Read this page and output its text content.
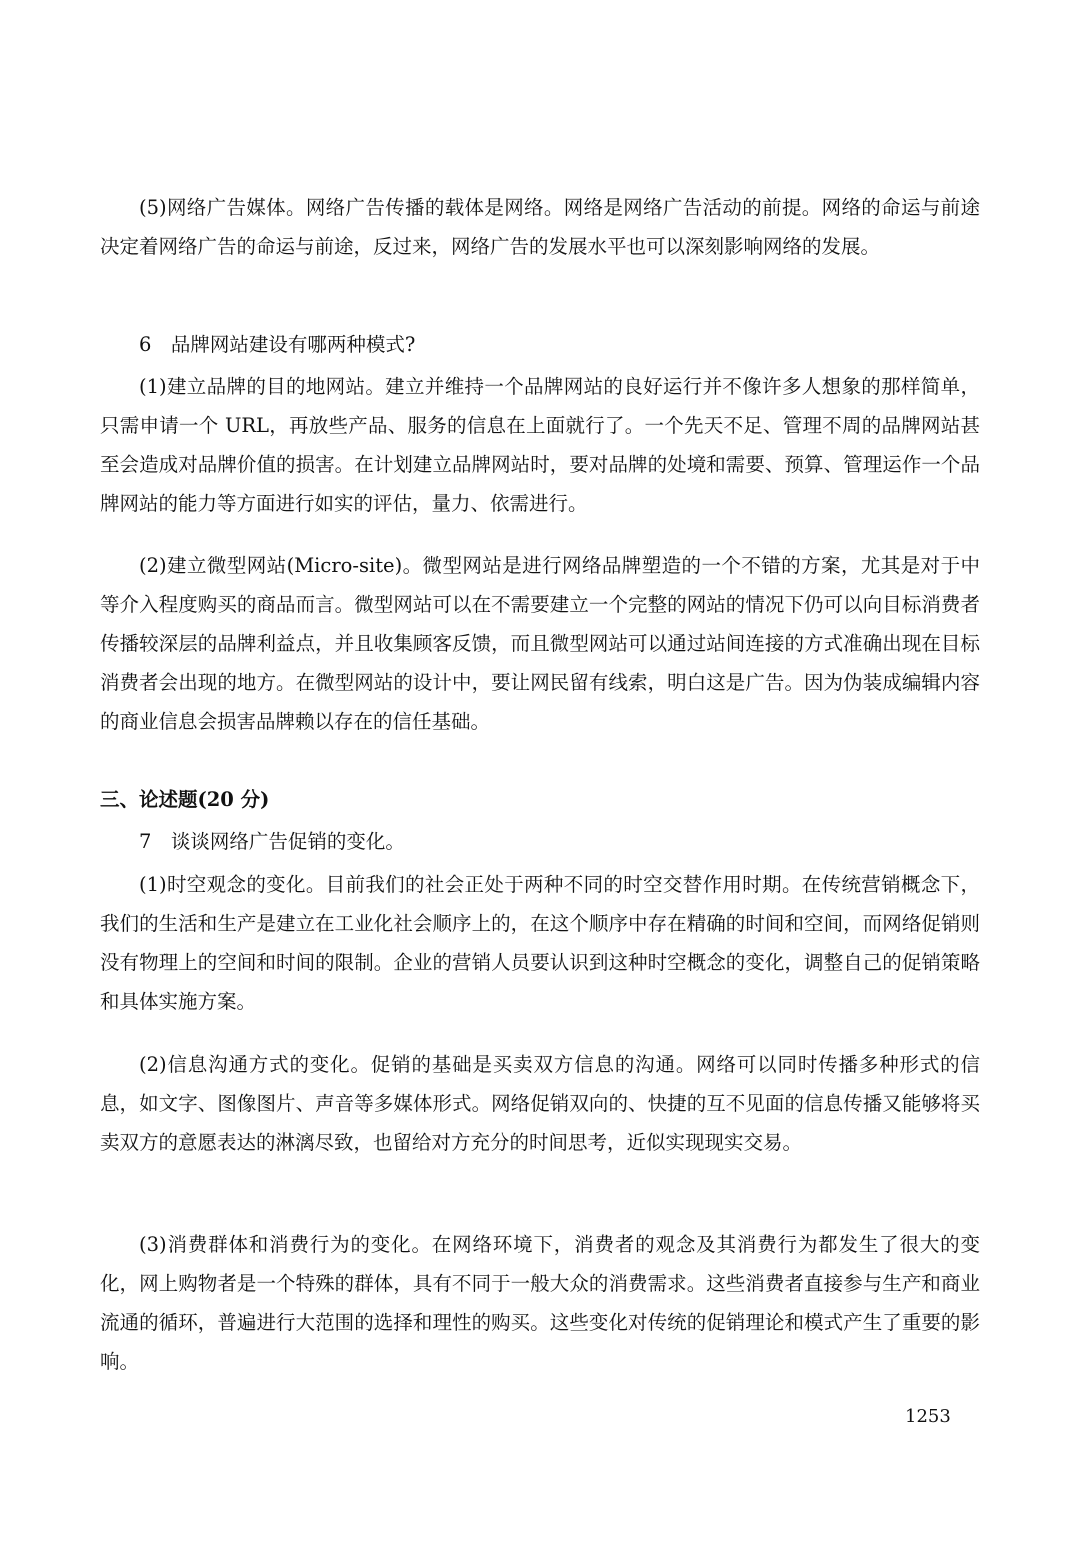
(5)网络广告媒体。网络广告传播的载体是网络。网络是网络广告活动的前提。网络的命运与前途决定着网络广告的命运与前途，反过来，网络广告的发展水平也可以深刻影响网络的发展。

6　品牌网站建设有哪两种模式?

(1)建立品牌的目的地网站。建立并维持一个品牌网站的良好运行并不像许多人想象的那样简单，只需申请一个 URL，再放些产品、服务的信息在上面就行了。一个先天不足、管理不周的品牌网站甚至会造成对品牌价值的损害。在计划建立品牌网站时，要对品牌的处境和需要、预算、管理运作一个品牌网站的能力等方面进行如实的评估，量力、依需进行。

(2)建立微型网站(Micro-site)。微型网站是进行网络品牌塑造的一个不错的方案，尤其是对于中等介入程度购买的商品而言。微型网站可以在不需要建立一个完整的网站的情况下仍可以向目标消费者传播较深层的品牌利益点，并且收集顾客反馈，而且微型网站可以通过站间连接的方式准确出现在目标消费者会出现的地方。在微型网站的设计中，要让网民留有线索，明白这是广告。因为伪装成编辑内容的商业信息会损害品牌赖以存在的信任基础。

三、论述题(20 分)

7　谈谈网络广告促销的变化。

(1)时空观念的变化。目前我们的社会正处于两种不同的时空交替作用时期。在传统营销概念下，我们的生活和生产是建立在工业化社会顺序上的，在这个顺序中存在精确的时间和空间，而网络促销则没有物理上的空间和时间的限制。企业的营销人员要认识到这种时空概念的变化，调整自己的促销策略和具体实施方案。

(2)信息沟通方式的变化。促销的基础是买卖双方信息的沟通。网络可以同时传播多种形式的信息，如文字、图像图片、声音等多媒体形式。网络促销双向的、快捷的互不见面的信息传播又能够将买卖双方的意愿表达的淋漓尽致，也留给对方充分的时间思考，近似实现现实交易。

(3)消费群体和消费行为的变化。在网络环境下，消费者的观念及其消费行为都发生了很大的变化，网上购物者是一个特殊的群体，具有不同于一般大众的消费需求。这些消费者直接参与生产和商业流通的循环，普遍进行大范围的选择和理性的购买。这些变化对传统的促销理论和模式产生了重要的影响。

1253
